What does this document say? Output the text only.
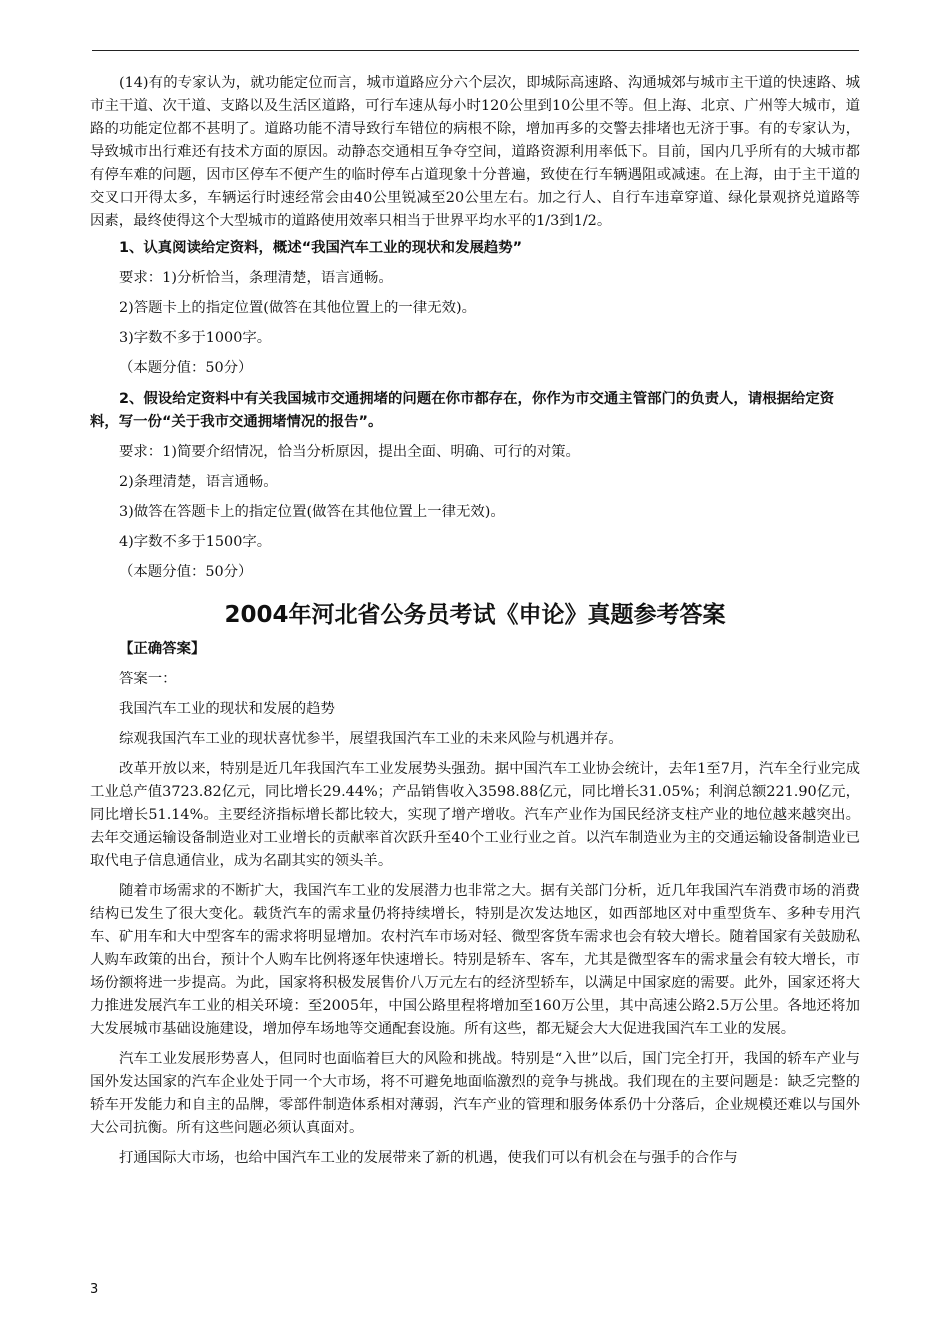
(14)有的专家认为，就功能定位而言，城市道路应分六个层次，即城际高速路、沟通城郊与城市主干道的快速路、城市主干道、次干道、支路以及生活区道路，可行车速从每小时120公里到10公里不等。但上海、北京、广州等大城市，道路的功能定位都不甚明了。道路功能不清导致行车错位的病根不除，增加再多的交警去排堵也无济于事。有的专家认为，导致城市出行难还有技术方面的原因。动静态交通相互争夺空间，道路资源利用率低下。目前，国内几乎所有的大城市都有停车难的问题，因市区停车不便产生的临时停车占道现象十分普遍，致使在行车辆遇阻或减速。在上海，由于主干道的交叉口开得太多，车辆运行时速经常会由40公里锐减至20公里左右。加之行人、自行车违章穿道、绿化景观挤兑道路等因素，最终使得这个大型城市的道路使用效率只相当于世界平均水平的1/3到1/2。

1、认真阅读给定资料，概述“我国汽车工业的现状和发展趋势”

要求：1)分析恰当，条理清楚，语言通畅。

2)答题卡上的指定位置(做答在其他位置上的一律无效)。

3)字数不多于1000字。

（本题分值：50分）

2、假设给定资料中有关我国城市交通拥堵的问题在你市都存在，你作为市交通主管部门的负责人，请根据给定资料，写一份“关于我市交通拥堵情况的报告”。

要求：1)简要介绍情况，恰当分析原因，提出全面、明确、可行的对策。

2)条理清楚，语言通畅。

3)做答在答题卡上的指定位置(做答在其他位置上一律无效)。

4)字数不多于1500字。

（本题分值：50分）

2004年河北省公务员考试《申论》真题参考答案

【正确答案】

答案一：

我国汽车工业的现状和发展的趋势

综观我国汽车工业的现状喜忧参半，展望我国汽车工业的未来风险与机遇并存。

改革开放以来，特别是近几年我国汽车工业发展势头强劲。据中国汽车工业协会统计，去年1至7月，汽车全行业完成工业总产值3723.82亿元，同比增长29.44%；产品销售收入3598.88亿元，同比增长31.05%；利润总额221.90亿元，同比增长51.14%。主要经济指标增长都比较大，实现了增产增收。汽车产业作为国民经济支柱产业的地位越来越突出。去年交通运输设备制造业对工业增长的贡献率首次跃升至40个工业行业之首。以汽车制造业为主的交通运输设备制造业已取代电子信息通信业，成为名副其实的领头羊。

随着市场需求的不断扩大，我国汽车工业的发展潜力也非常之大。据有关部门分析，近几年我国汽车消费市场的消费结构已发生了很大变化。载货汽车的需求量仍将持续增长，特别是次发达地区，如西部地区对中重型货车、多种专用汽车、矿用车和大中型客车的需求将明显增加。农村汽车市场对轻、微型客货车需求也会有较大增长。随着国家有关鼓励私人购车政策的出台，预计个人购车比例将逐年快速增长。特别是轿车、客车，尤其是微型客车的需求量会有较大增长，市场份额将进一步提高。为此，国家将积极发展售价八万元左右的经济型轿车，以满足中国家庭的需要。此外，国家还将大力推进发展汽车工业的相关环境：至2005年，中国公路里程将增加至160万公里，其中高速公路2.5万公里。各地还将加大发展城市基础设施建设，增加停车场地等交通配套设施。所有这些，都无疑会大大促进我国汽车工业的发展。

汽车工业发展形势喜人，但同时也面临着巨大的风险和挑战。特别是“入世”以后，国门完全打开，我国的轿车产业与国外发达国家的汽车企业处于同一个大市场，将不可避免地面临激烈的竞争与挑战。我们现在的主要问题是：缺乏完整的轿车开发能力和自主的品牌，零部件制造体系相对薄弱，汽车产业的管理和服务体系仍十分落后，企业规模还难以与国外大公司抗衡。所有这些问题必须认真面对。

打通国际大市场，也给中国汽车工业的发展带来了新的机遇，使我们可以有机会在与强手的合作与

3
